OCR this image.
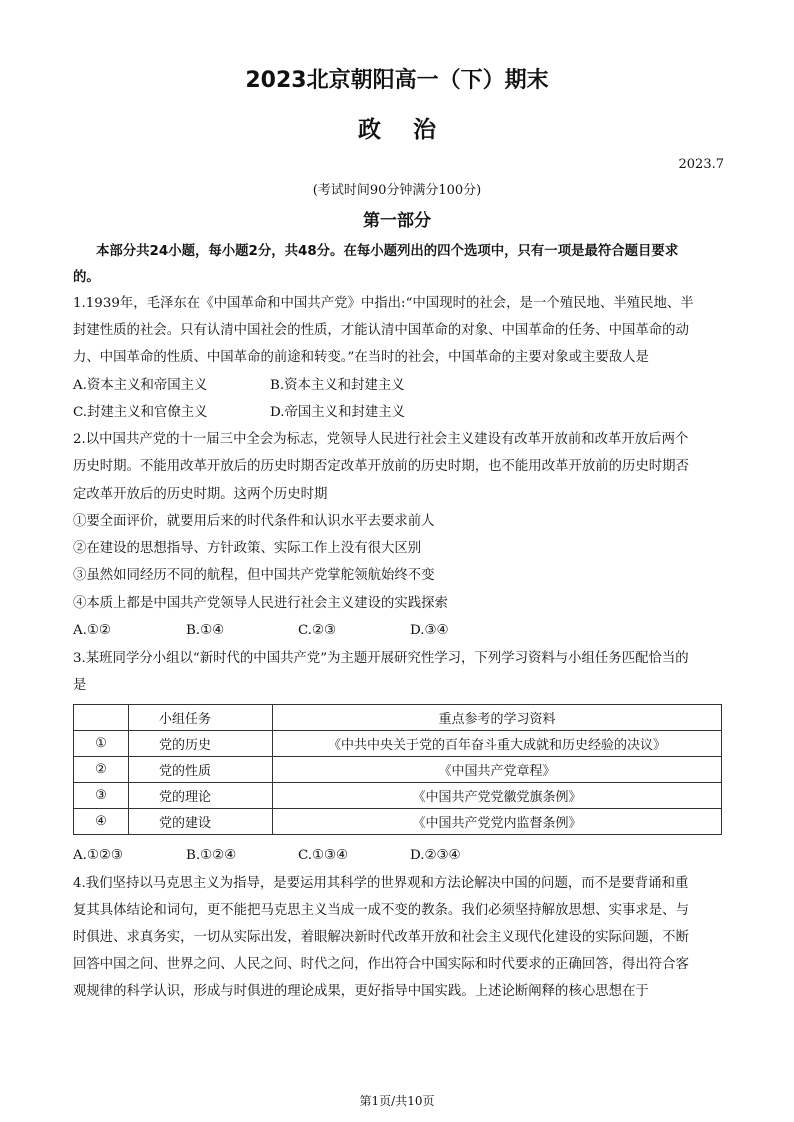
2023北京朝阳高一（下）期末
政治
2023.7
(考试时间90分钟满分100分)
第一部分
本部分共24小题，每小题2分，共48分。在每小题列出的四个选项中，只有一项是最符合题目要求
的。
1.1939年，毛泽东在《中国革命和中国共产党》中指出:“中国现时的社会，是一个殖民地、半殖民地、半
封建性质的社会。只有认清中国社会的性质，才能认清中国革命的对象、中国革命的任务、中国革命的动
力、中国革命的性质、中国革命的前途和转变。”在当时的社会，中国革命的主要对象或主要敌人是
A.资本主义和帝国主义	B.资本主义和封建主义
C.封建主义和官僚主义	D.帝国主义和封建主义
2.以中国共产党的十一届三中全会为标志，党领导人民进行社会主义建设有改革开放前和改革开放后两个
历史时期。不能用改革开放后的历史时期否定改革开放前的历史时期，也不能用改革开放前的历史时期否
定改革开放后的历史时期。这两个历史时期
①要全面评价，就要用后来的时代条件和认识水平去要求前人
②在建设的思想指导、方针政策、实际工作上没有很大区别
③虽然如同经历不同的航程，但中国共产党掌舵领航始终不变
④本质上都是中国共产党领导人民进行社会主义建设的实践探索
A.①②	B.①④	C.②③	D.③④
3.某班同学分小组以“新时代的中国共产党”为主题开展研究性学习，下列学习资料与小组任务匹配恰当的
是
	小组任务	重点参考的学习资料
①	党的历史	《中共中央关于党的百年奋斗重大成就和历史经验的决议》
②	党的性质	《中国共产党章程》
③	党的理论	《中国共产党党徽党旗条例》
④	党的建设	《中国共产党党内监督条例》
A.①②③	B.①②④	C.①③④	D.②③④
4.我们坚持以马克思主义为指导，是要运用其科学的世界观和方法论解决中国的问题，而不是要背诵和重
复其具体结论和词句，更不能把马克思主义当成一成不变的教条。我们必须坚持解放思想、实事求是、与
时俱进、求真务实，一切从实际出发，着眼解决新时代改革开放和社会主义现代化建设的实际问题，不断
回答中国之问、世界之问、人民之问、时代之问，作出符合中国实际和时代要求的正确回答，得出符合客
观规律的科学认识，形成与时俱进的理论成果，更好指导中国实践。上述论断阐释的核心思想在于
第1页/共10页
